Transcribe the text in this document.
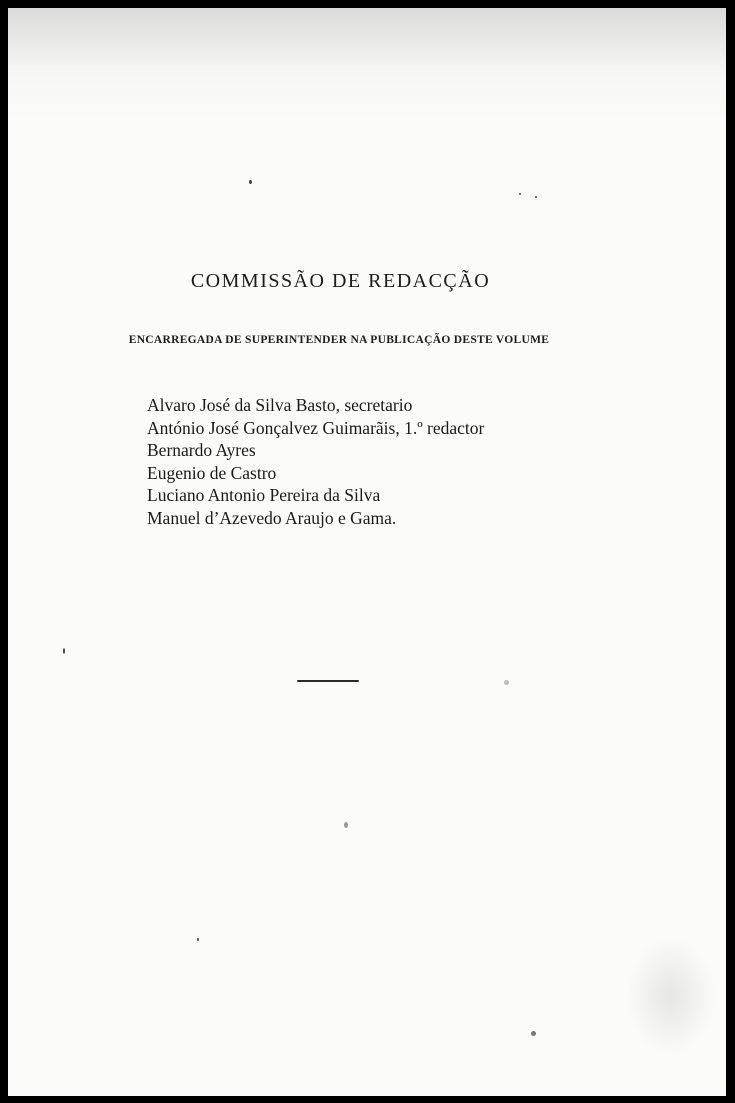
COMMISSÃO DE REDACÇÃO

ENCARREGADA DE SUPERINTENDER NA PUBLICAÇÃO DESTE VOLUME

Alvaro José da Silva Basto, secretario
António José Gonçalvez Guimarãis, 1.º redactor
Bernardo Ayres
Eugenio de Castro
Luciano Antonio Pereira da Silva
Manuel d’Azevedo Araujo e Gama.
